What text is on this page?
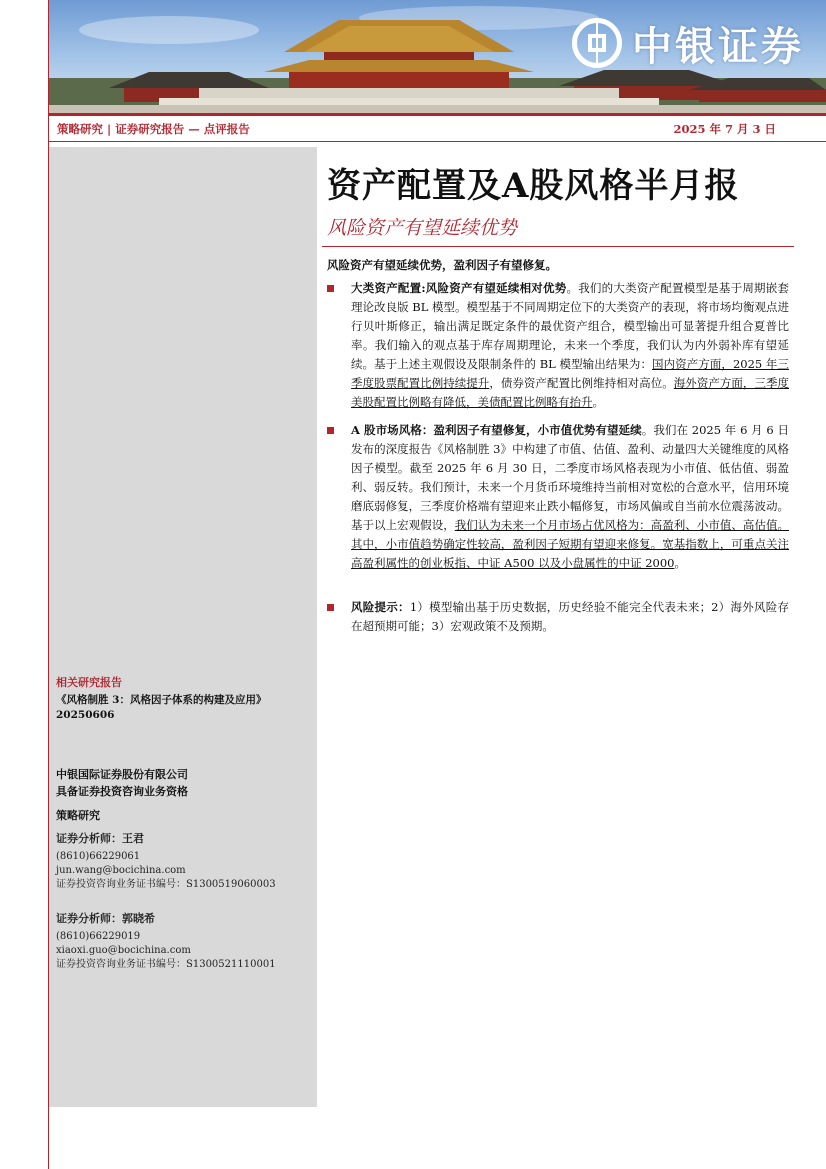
中银证券
策略研究 | 证券研究报告 — 点评报告	2025 年 7 月 3 日
相关研究报告
《风格制胜 3：风格因子体系的构建及应用》
20250606
中银国际证券股份有限公司
具备证券投资咨询业务资格
策略研究
证券分析师：王君
(8610)66229061
jun.wang@bocichina.com
证券投资咨询业务证书编号：S1300519060003
证券分析师：郭晓希
(8610)66229019
xiaoxi.guo@bocichina.com
证券投资咨询业务证书编号：S1300521110001
资产配置及A股风格半月报
风险资产有望延续优势
风险资产有望延续优势，盈利因子有望修复。
大类资产配置:风险资产有望延续相对优势。我们的大类资产配置模型是基于周期嵌套理论改良版 BL 模型。模型基于不同周期定位下的大类资产的表现，将市场均衡观点进行贝叶斯修正，输出满足既定条件的最优资产组合，模型输出可显著提升组合夏普比率。我们输入的观点基于库存周期理论，未来一个季度，我们认为内外弱补库有望延续。基于上述主观假设及限制条件的 BL 模型输出结果为：国内资产方面，2025 年三季度股票配置比例持续提升，债券资产配置比例维持相对高位。海外资产方面，三季度美股配置比例略有降低，美债配置比例略有抬升。
A 股市场风格：盈利因子有望修复，小市值优势有望延续。我们在 2025 年 6 月 6 日发布的深度报告《风格制胜 3》中构建了市值、估值、盈利、动量四大关键维度的风格因子模型。截至 2025 年 6 月 30 日，二季度市场风格表现为小市值、低估值、弱盈利、弱反转。我们预计，未来一个月货币环境维持当前相对宽松的合意水平，信用环境磨底弱修复，三季度价格端有望迎来止跌小幅修复，市场风偏或自当前水位震荡波动。基于以上宏观假设，我们认为未来一个月市场占优风格为：高盈利、小市值、高估值。其中，小市值趋势确定性较高，盈利因子短期有望迎来修复。宽基指数上，可重点关注高盈利属性的创业板指、中证 A500 以及小盘属性的中证 2000。
风险提示：1）模型输出基于历史数据，历史经验不能完全代表未来；2）海外风险存在超预期可能；3）宏观政策不及预期。
